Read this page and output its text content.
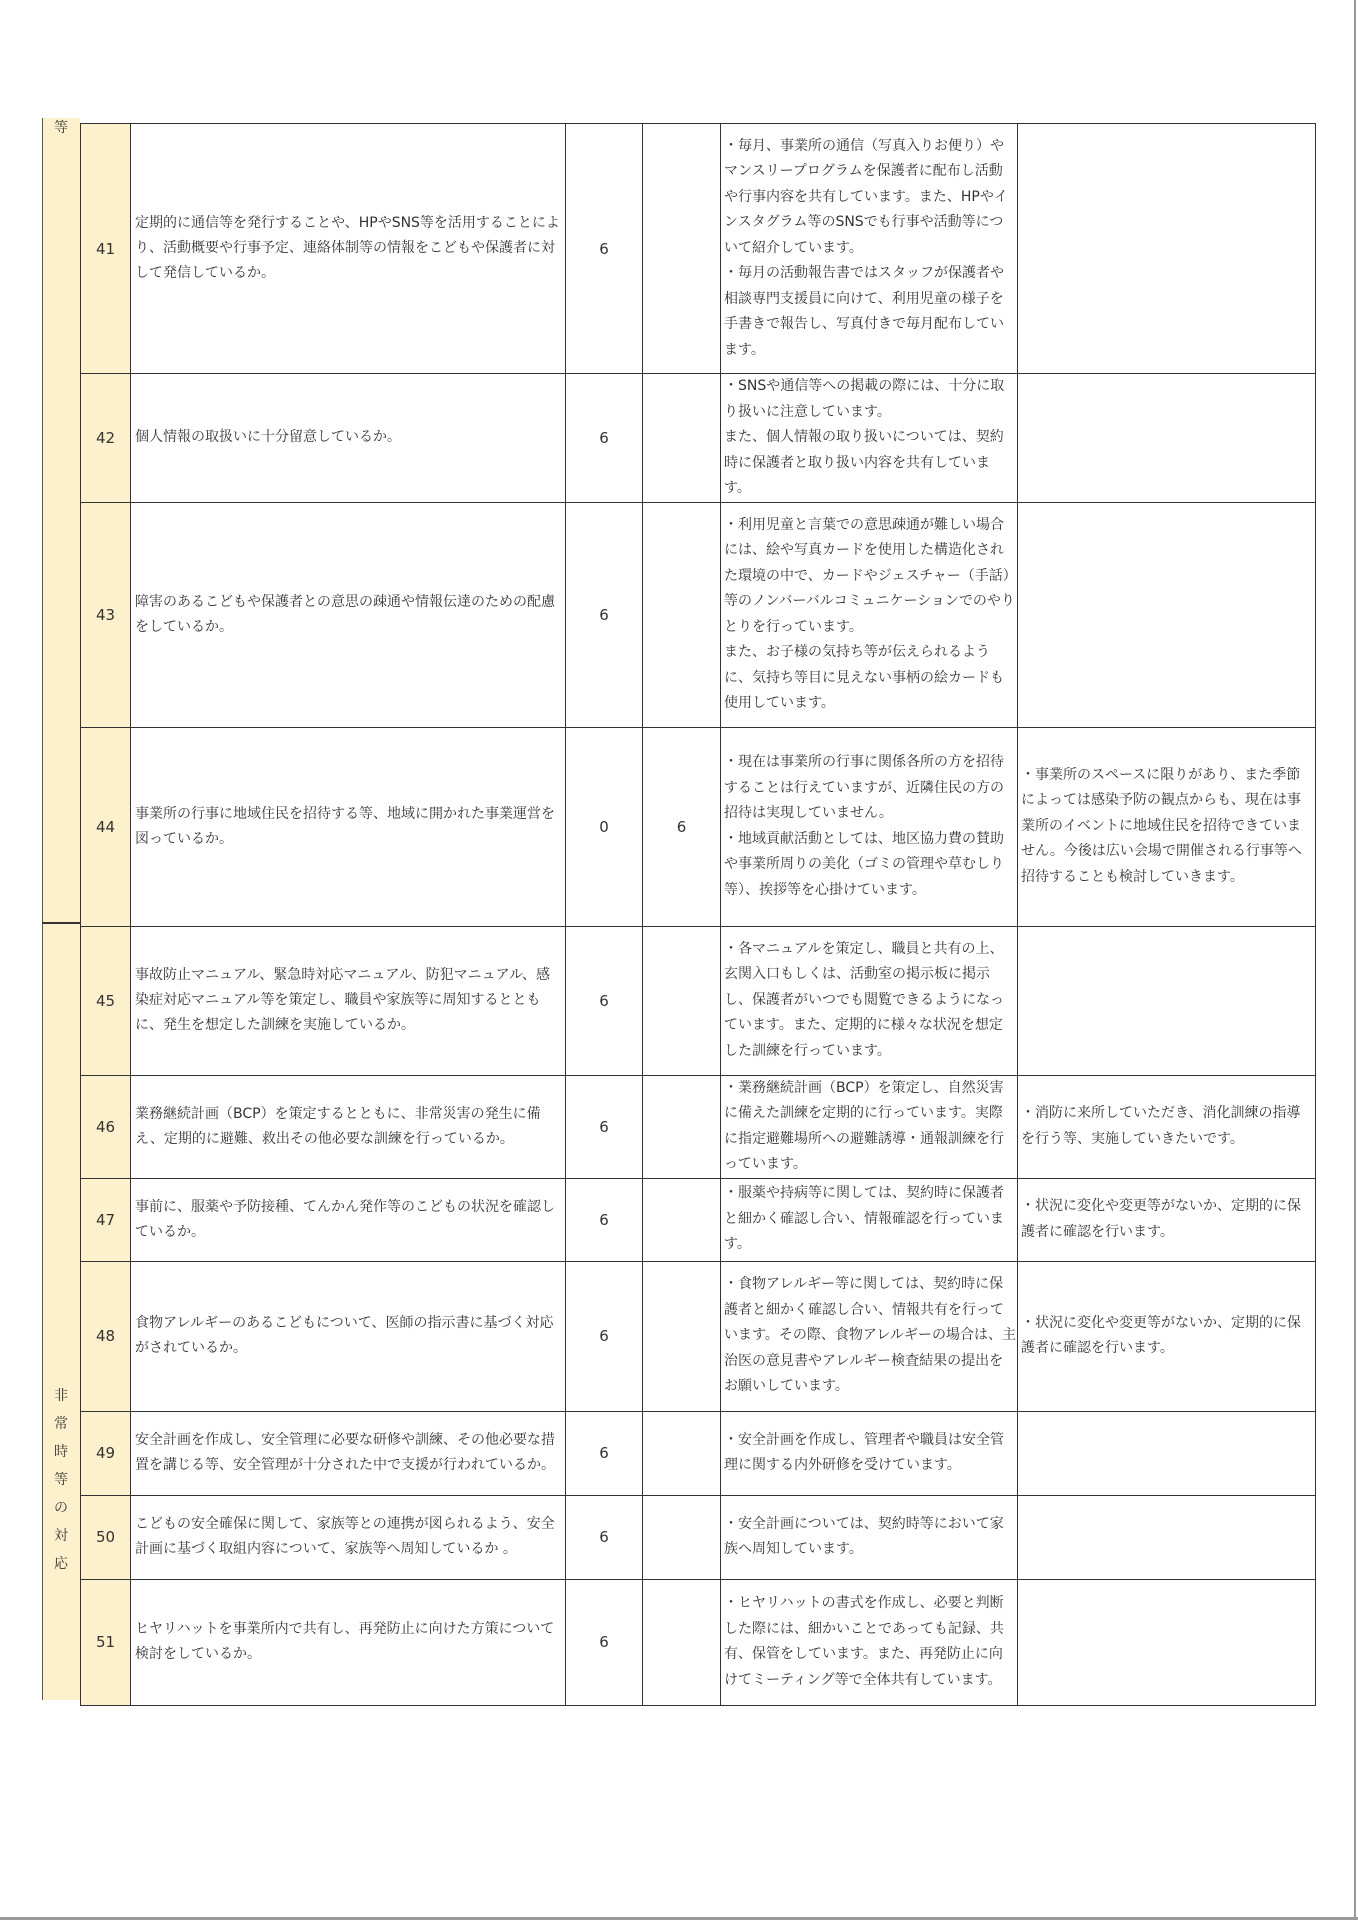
等
非
常
時
等
の
対
応
41	定期的に通信等を発行することや、HPやSNS等を活用することにより、活動概要や行事予定、連絡体制等の情報をこどもや保護者に対して発信しているか。	6		・毎月、事業所の通信（写真入りお便り）やマンスリープログラムを保護者に配布し活動や行事内容を共有しています。また、HPやインスタグラム等のSNSでも行事や活動等について紹介しています。
・毎月の活動報告書ではスタッフが保護者や相談専門支援員に向けて、利用児童の様子を手書きで報告し、写真付きで毎月配布しています。	
42	個人情報の取扱いに十分留意しているか。	6		・SNSや通信等への掲載の際には、十分に取り扱いに注意しています。
また、個人情報の取り扱いについては、契約時に保護者と取り扱い内容を共有しています。	
43	障害のあるこどもや保護者との意思の疎通や情報伝達のための配慮をしているか。	6		・利用児童と言葉での意思疎通が難しい場合には、絵や写真カードを使用した構造化された環境の中で、カードやジェスチャー（手話）等のノンバーバルコミュニケーションでのやりとりを行っています。
また、お子様の気持ち等が伝えられるように、気持ち等目に見えない事柄の絵カードも使用しています。	
44	事業所の行事に地域住民を招待する等、地域に開かれた事業運営を図っているか。	0	6	・現在は事業所の行事に関係各所の方を招待することは行えていますが、近隣住民の方の招待は実現していません。
・地域貢献活動としては、地区協力費の賛助や事業所周りの美化（ゴミの管理や草むしり等）、挨拶等を心掛けています。	・事業所のスペースに限りがあり、また季節によっては感染予防の観点からも、現在は事業所のイベントに地域住民を招待できていません。今後は広い会場で開催される行事等へ招待することも検討していきます。
45	事故防止マニュアル、緊急時対応マニュアル、防犯マニュアル、感染症対応マニュアル等を策定し、職員や家族等に周知するとともに、発生を想定した訓練を実施しているか。	6		・各マニュアルを策定し、職員と共有の上、玄関入口もしくは、活動室の掲示板に掲示し、保護者がいつでも閲覧できるようになっています。また、定期的に様々な状況を想定した訓練を行っています。	
46	業務継続計画（BCP）を策定するとともに、非常災害の発生に備え、定期的に避難、救出その他必要な訓練を行っているか。	6		・業務継続計画（BCP）を策定し、自然災害に備えた訓練を定期的に行っています。実際に指定避難場所への避難誘導・通報訓練を行っています。	・消防に来所していただき、消化訓練の指導を行う等、実施していきたいです。
47	事前に、服薬や予防接種、てんかん発作等のこどもの状況を確認しているか。	6		・服薬や持病等に関しては、契約時に保護者と細かく確認し合い、情報確認を行っています。	・状況に変化や変更等がないか、定期的に保護者に確認を行います。
48	食物アレルギーのあるこどもについて、医師の指示書に基づく対応がされているか。	6		・食物アレルギー等に関しては、契約時に保護者と細かく確認し合い、情報共有を行っています。その際、食物アレルギーの場合は、主治医の意見書やアレルギー検査結果の提出をお願いしています。	・状況に変化や変更等がないか、定期的に保護者に確認を行います。
49	安全計画を作成し、安全管理に必要な研修や訓練、その他必要な措置を講じる等、安全管理が十分された中で支援が行われているか。	6		・安全計画を作成し、管理者や職員は安全管理に関する内外研修を受けています。	
50	こどもの安全確保に関して、家族等との連携が図られるよう、安全計画に基づく取組内容について、家族等へ周知しているか 。	6		・安全計画については、契約時等において家族へ周知しています。	
51	ヒヤリハットを事業所内で共有し、再発防止に向けた方策について検討をしているか。	6		・ヒヤリハットの書式を作成し、必要と判断した際には、細かいことであっても記録、共有、保管をしています。また、再発防止に向けてミーティング等で全体共有しています。	
